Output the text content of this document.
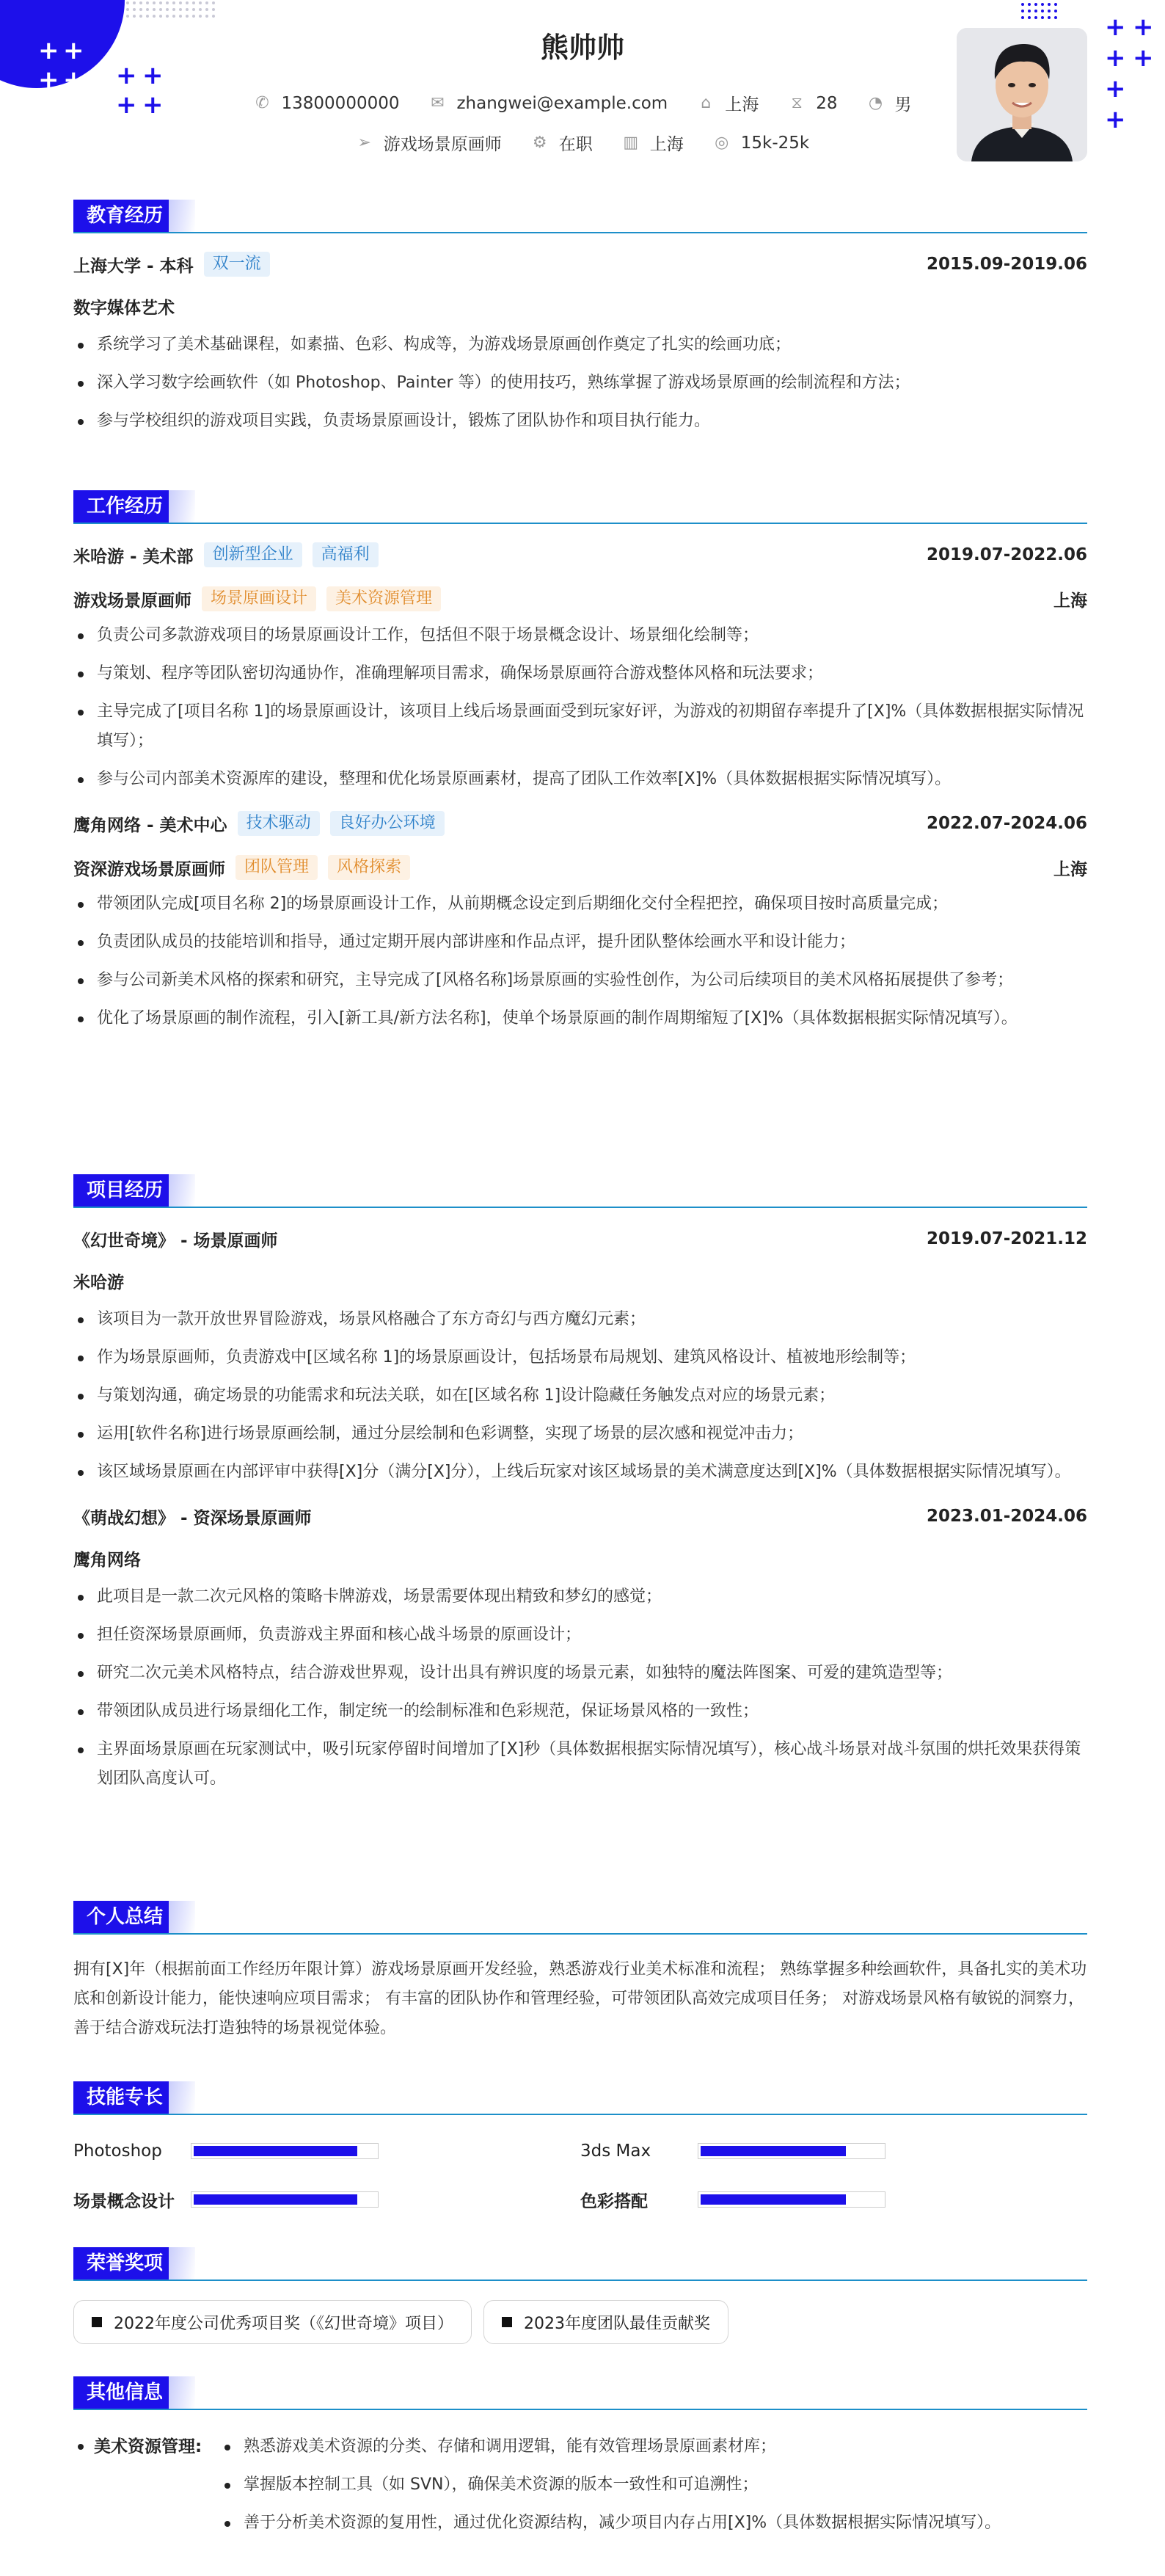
+ +
+ + + +
+ +
+ +
+ +
+
+
熊帅帅
✆ 13800000000 ✉ zhangwei@example.com ⌂ 上海 ⧖ 28 ◔ 男
➢ 游戏场景原画师 ⚙ 在职 ▥ 上海 ◎ 15k-25k
教育经历
上海大学 - 本科	双一流	2015.09-2019.06
数字媒体艺术
系统学习了美术基础课程，如素描、色彩、构成等，为游戏场景原画创作奠定了扎实的绘画功底；
深入学习数字绘画软件（如 Photoshop、Painter 等）的使用技巧，熟练掌握了游戏场景原画的绘制流程和方法；
参与学校组织的游戏项目实践，负责场景原画设计，锻炼了团队协作和项目执行能力。
工作经历
米哈游 - 美术部	创新型企业	高福利	2019.07-2022.06
游戏场景原画师	场景原画设计	美术资源管理	上海
负责公司多款游戏项目的场景原画设计工作，包括但不限于场景概念设计、场景细化绘制等；
与策划、程序等团队密切沟通协作，准确理解项目需求，确保场景原画符合游戏整体风格和玩法要求；
主导完成了[项目名称 1]的场景原画设计，该项目上线后场景画面受到玩家好评，为游戏的初期留存率提升了[X]%（具体数据根据实际情况填写）；
参与公司内部美术资源库的建设，整理和优化场景原画素材，提高了团队工作效率[X]%（具体数据根据实际情况填写）。
鹰角网络 - 美术中心	技术驱动	良好办公环境	2022.07-2024.06
资深游戏场景原画师	团队管理	风格探索	上海
带领团队完成[项目名称 2]的场景原画设计工作，从前期概念设定到后期细化交付全程把控，确保项目按时高质量完成；
负责团队成员的技能培训和指导，通过定期开展内部讲座和作品点评，提升团队整体绘画水平和设计能力；
参与公司新美术风格的探索和研究，主导完成了[风格名称]场景原画的实验性创作，为公司后续项目的美术风格拓展提供了参考；
优化了场景原画的制作流程，引入[新工具/新方法名称]，使单个场景原画的制作周期缩短了[X]%（具体数据根据实际情况填写）。
项目经历
《幻世奇境》 - 场景原画师	2019.07-2021.12
米哈游
该项目为一款开放世界冒险游戏，场景风格融合了东方奇幻与西方魔幻元素；
作为场景原画师，负责游戏中[区域名称 1]的场景原画设计，包括场景布局规划、建筑风格设计、植被地形绘制等；
与策划沟通，确定场景的功能需求和玩法关联，如在[区域名称 1]设计隐藏任务触发点对应的场景元素；
运用[软件名称]进行场景原画绘制，通过分层绘制和色彩调整，实现了场景的层次感和视觉冲击力；
该区域场景原画在内部评审中获得[X]分（满分[X]分），上线后玩家对该区域场景的美术满意度达到[X]%（具体数据根据实际情况填写）。
《萌战幻想》 - 资深场景原画师	2023.01-2024.06
鹰角网络
此项目是一款二次元风格的策略卡牌游戏，场景需要体现出精致和梦幻的感觉；
担任资深场景原画师，负责游戏主界面和核心战斗场景的原画设计；
研究二次元美术风格特点，结合游戏世界观，设计出具有辨识度的场景元素，如独特的魔法阵图案、可爱的建筑造型等；
带领团队成员进行场景细化工作，制定统一的绘制标准和色彩规范，保证场景风格的一致性；
主界面场景原画在玩家测试中，吸引玩家停留时间增加了[X]秒（具体数据根据实际情况填写），核心战斗场景对战斗氛围的烘托效果获得策划团队高度认可。
个人总结
拥有[X]年（根据前面工作经历年限计算）游戏场景原画开发经验，熟悉游戏行业美术标准和流程； 熟练掌握多种绘画软件，具备扎实的美术功底和创新设计能力，能快速响应项目需求； 有丰富的团队协作和管理经验，可带领团队高效完成项目任务； 对游戏场景风格有敏锐的洞察力，善于结合游戏玩法打造独特的场景视觉体验。
技能专长
Photoshop	3ds Max
场景概念设计	色彩搭配
荣誉奖项
2022年度公司优秀项目奖（《幻世奇境》项目）	2023年度团队最佳贡献奖
其他信息
美术资源管理:	熟悉游戏美术资源的分类、存储和调用逻辑，能有效管理场景原画素材库；
掌握版本控制工具（如 SVN），确保美术资源的版本一致性和可追溯性；
善于分析美术资源的复用性，通过优化资源结构，减少项目内存占用[X]%（具体数据根据实际情况填写）。
